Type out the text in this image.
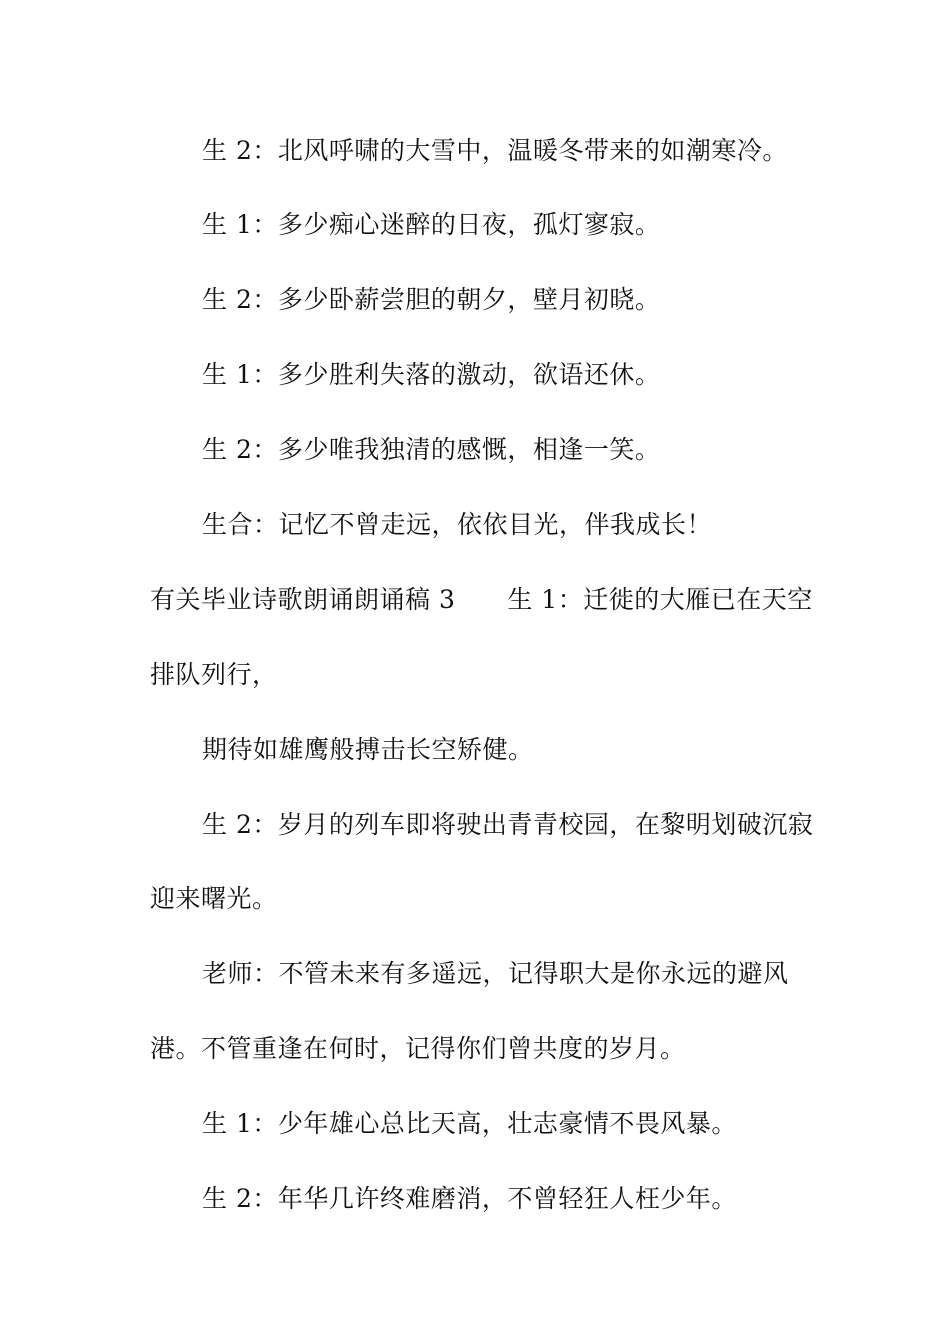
生 2：北风呼啸的大雪中，温暖冬带来的如潮寒冷。
生 1：多少痴心迷醉的日夜，孤灯寥寂。
生 2：多少卧薪尝胆的朝夕，壁月初晓。
生 1：多少胜利失落的激动，欲语还休。
生 2：多少唯我独清的感慨，相逢一笑。
生合：记忆不曾走远，依依目光，伴我成长！
有关毕业诗歌朗诵朗诵稿 3 生 1：迁徙的大雁已在天空
排队列行，
期待如雄鹰般搏击长空矫健。
生 2：岁月的列车即将驶出青青校园，在黎明划破沉寂
迎来曙光。
老师：不管未来有多遥远，记得职大是你永远的避风
港。不管重逢在何时，记得你们曾共度的岁月。
生 1：少年雄心总比天高，壮志豪情不畏风暴。
生 2：年华几许终难磨消，不曾轻狂人枉少年。
